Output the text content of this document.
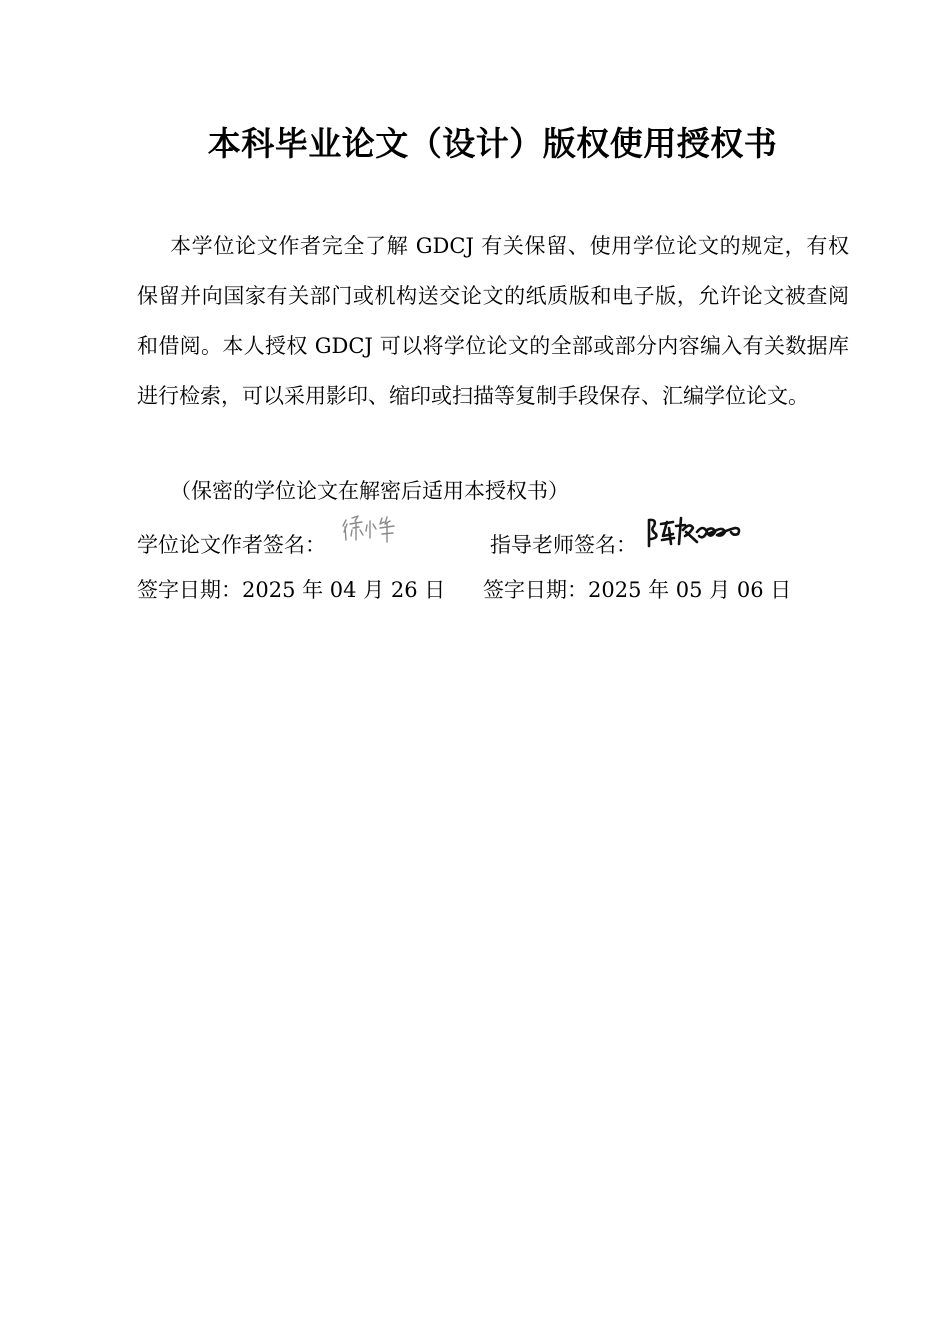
本科毕业论文（设计）版权使用授权书

本学位论文作者完全了解 GDCJ 有关保留、使用学位论文的规定，有权保留并向国家有关部门或机构送交论文的纸质版和电子版，允许论文被查阅和借阅。本人授权 GDCJ 可以将学位论文的全部或部分内容编入有关数据库进行检索，可以采用影印、缩印或扫描等复制手段保存、汇编学位论文。

（保密的学位论文在解密后适用本授权书）
学位论文作者签名：	指导老师签名：
签字日期：2025 年 04 月 26 日 签字日期：2025 年 05 月 06 日
